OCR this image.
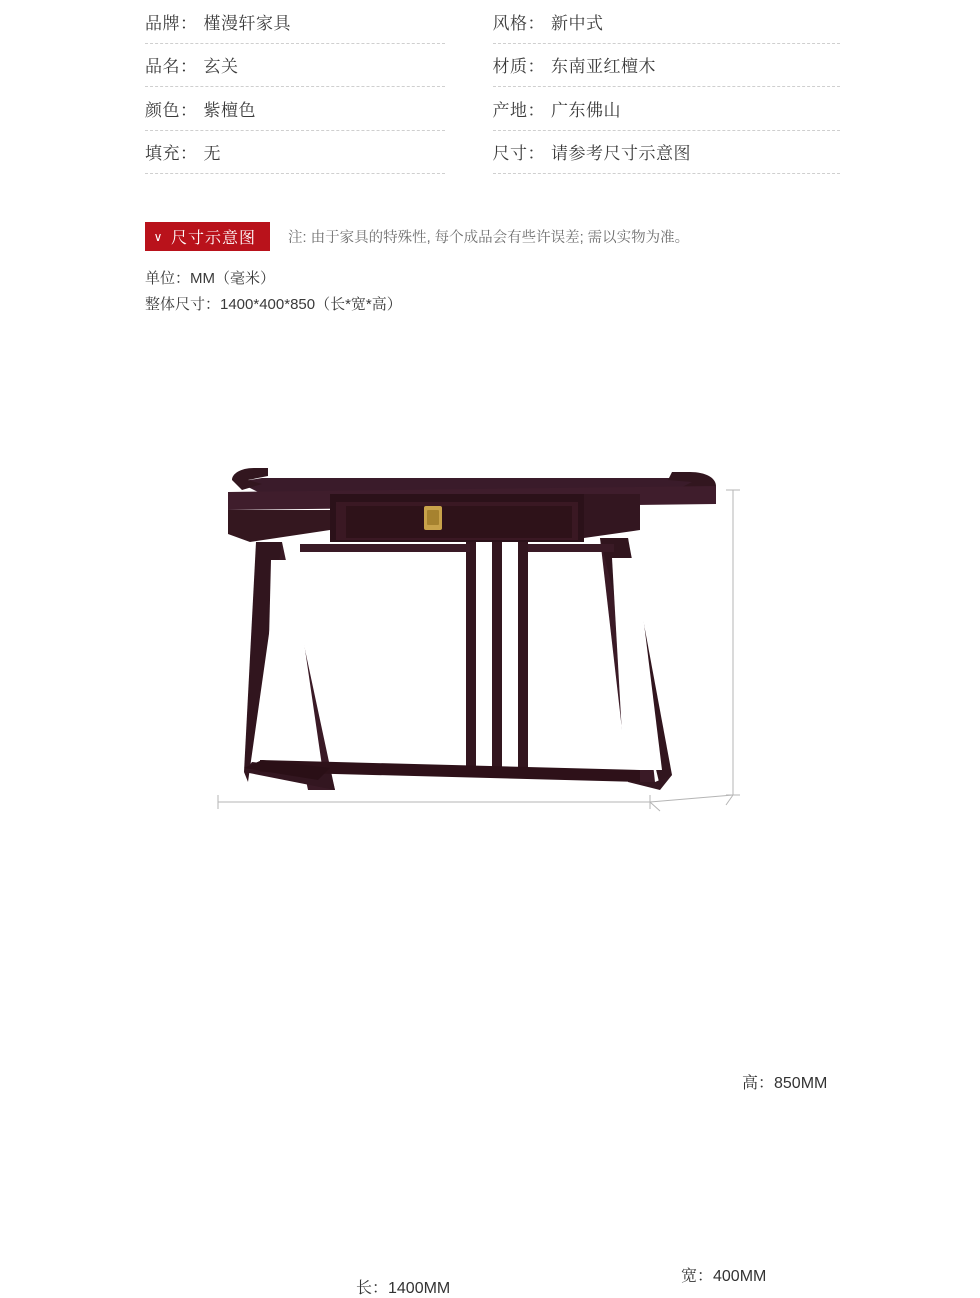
品牌： 槿漫轩家具
品名： 玄关
颜色： 紫檀色
填充： 无
风格： 新中式
材质： 东南亚红檀木
产地： 广东佛山
尺寸： 请参考尺寸示意图
∨ 尺寸示意图 注: 由于家具的特殊性, 每个成品会有些许误差; 需以实物为准。
单位：MM（毫米）
整体尺寸：1400*400*850（长*宽*高）
高：850MM
长：1400MM
宽：400MM
